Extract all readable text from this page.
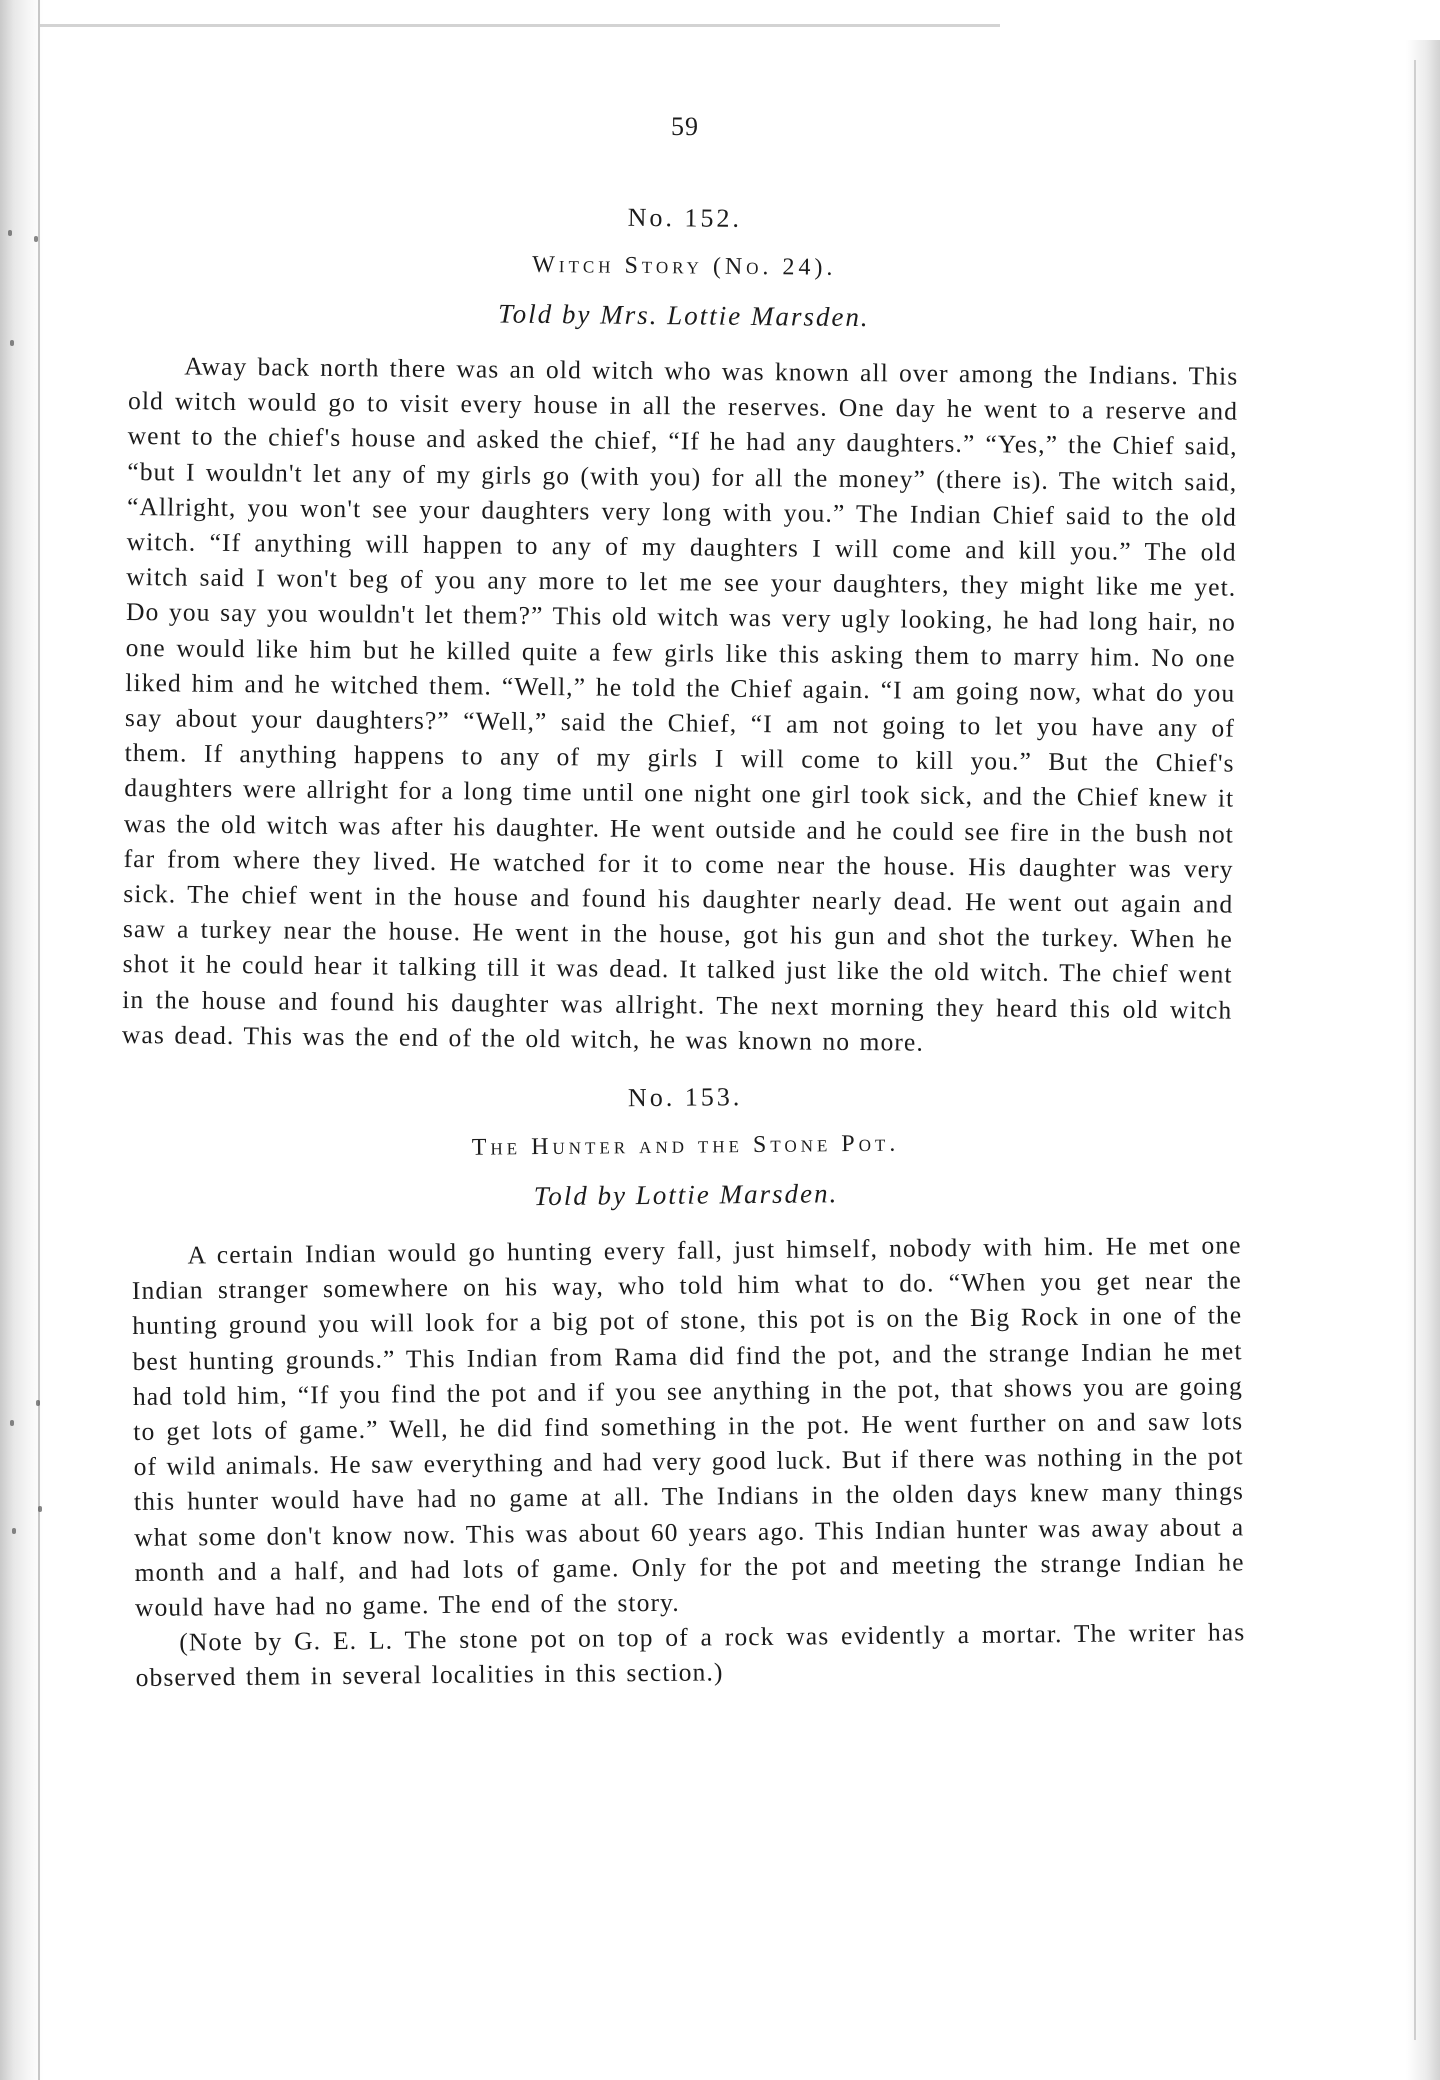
59
No. 152.
Witch Story (No. 24).
Told by Mrs. Lottie Marsden.

Away back north there was an old witch who was known all over among the Indians. This old witch would go to visit every house in all the reserves. One day he went to a reserve and went to the chief's house and asked the chief, “If he had any daughters.” “Yes,” the Chief said, “but I wouldn't let any of my girls go (with you) for all the money” (there is). The witch said, “Allright, you won't see your daughters very long with you.” The Indian Chief said to the old witch. “If anything will happen to any of my daughters I will come and kill you.” The old witch said I won't beg of you any more to let me see your daughters, they might like me yet. Do you say you wouldn't let them?” This old witch was very ugly looking, he had long hair, no one would like him but he killed quite a few girls like this asking them to marry him. No one liked him and he witched them. “Well,” he told the Chief again. “I am going now, what do you say about your daughters?” “Well,” said the Chief, “I am not going to let you have any of them. If anything happens to any of my girls I will come to kill you.” But the Chief's daughters were allright for a long time until one night one girl took sick, and the Chief knew it was the old witch was after his daughter. He went outside and he could see fire in the bush not far from where they lived. He watched for it to come near the house. His daughter was very sick. The chief went in the house and found his daughter nearly dead. He went out again and saw a turkey near the house. He went in the house, got his gun and shot the turkey. When he shot it he could hear it talking till it was dead. It talked just like the old witch. The chief went in the house and found his daughter was allright. The next morning they heard this old witch was dead. This was the end of the old witch, he was known no more.

No. 153.
The Hunter and the Stone Pot.
Told by Lottie Marsden.

A certain Indian would go hunting every fall, just himself, nobody with him. He met one Indian stranger somewhere on his way, who told him what to do. “When you get near the hunting ground you will look for a big pot of stone, this pot is on the Big Rock in one of the best hunting grounds.” This Indian from Rama did find the pot, and the strange Indian he met had told him, “If you find the pot and if you see anything in the pot, that shows you are going to get lots of game.” Well, he did find something in the pot. He went further on and saw lots of wild animals. He saw everything and had very good luck. But if there was nothing in the pot this hunter would have had no game at all. The Indians in the olden days knew many things what some don't know now. This was about 60 years ago. This Indian hunter was away about a month and a half, and had lots of game. Only for the pot and meeting the strange Indian he would have had no game. The end of the story.

(Note by G. E. L. The stone pot on top of a rock was evidently a mortar. The writer has observed them in several localities in this section.)
